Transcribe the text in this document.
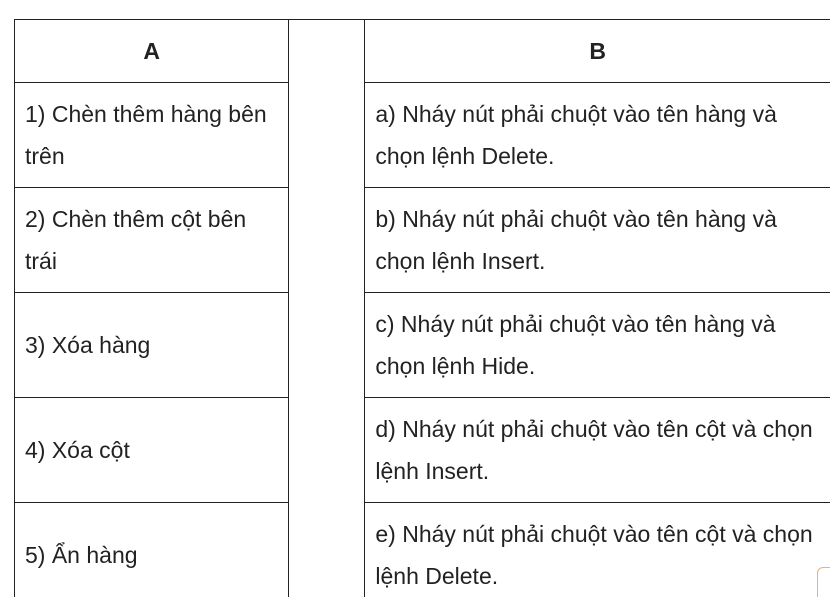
A		B
1) Chèn thêm hàng bên trên		a) Nháy nút phải chuột vào tên hàng và chọn lệnh Delete.
2) Chèn thêm cột bên trái		b) Nháy nút phải chuột vào tên hàng và chọn lệnh Insert.
3) Xóa hàng		c) Nháy nút phải chuột vào tên hàng và chọn lệnh Hide.
4) Xóa cột		d) Nháy nút phải chuột vào tên cột và chọn lệnh Insert.
5) Ẩn hàng		e) Nháy nút phải chuột vào tên cột và chọn lệnh Delete.
